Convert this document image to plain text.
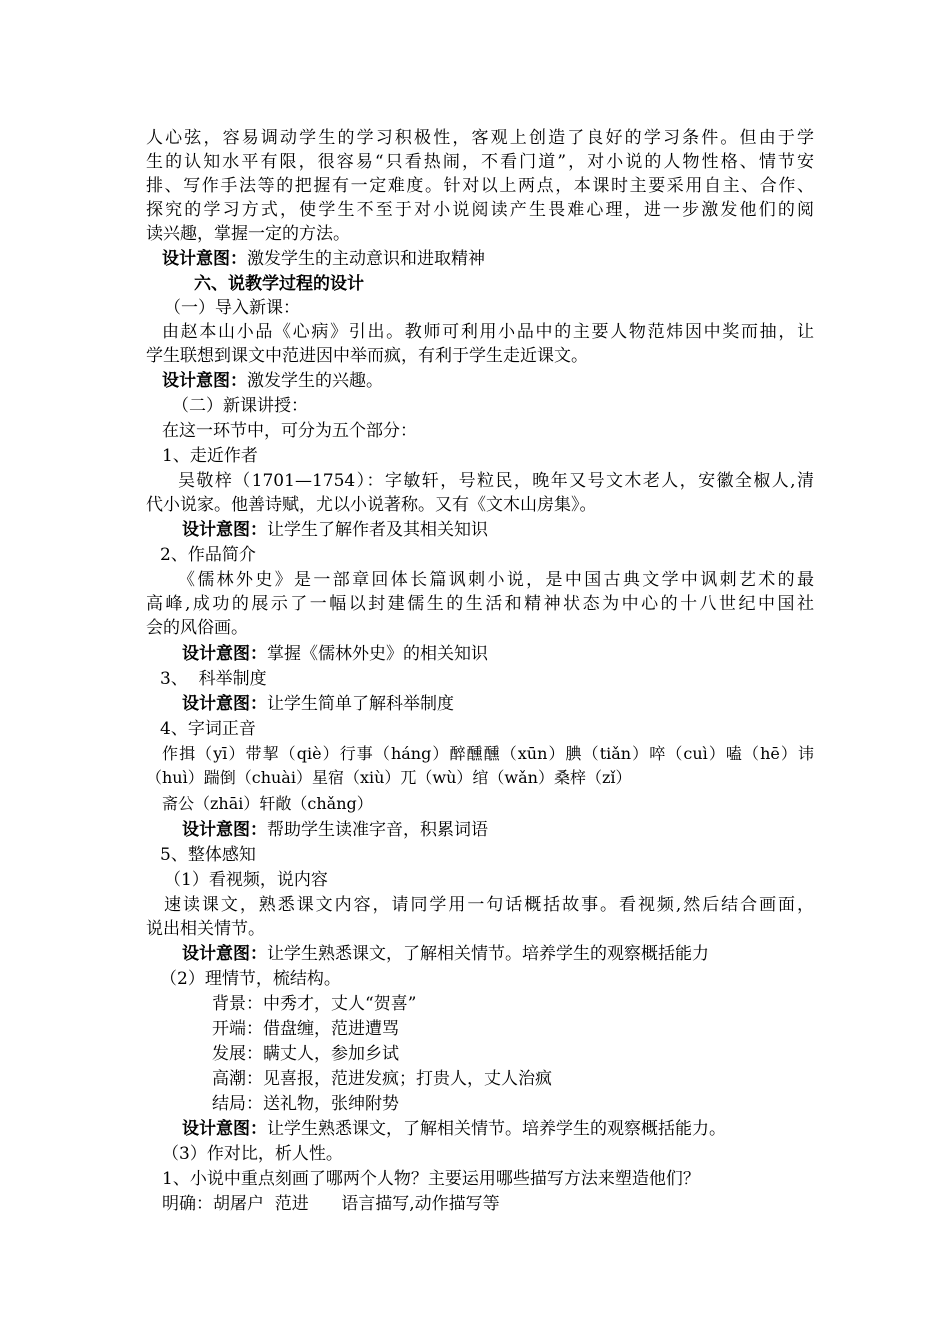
人心弦，容易调动学生的学习积极性，客观上创造了良好的学习条件。但由于学
生的认知水平有限，很容易“只看热闹，不看门道”，对小说的人物性格、情节安
排、写作手法等的把握有一定难度。针对以上两点，本课时主要采用自主、合作、
探究的学习方式，使学生不至于对小说阅读产生畏难心理，进一步激发他们的阅
读兴趣，掌握一定的方法。
设计意图：激发学生的主动意识和进取精神
六、说教学过程的设计
（一）导入新课：
由赵本山小品《心病》引出。教师可利用小品中的主要人物范炜因中奖而抽，让
学生联想到课文中范进因中举而疯，有利于学生走近课文。
设计意图：激发学生的兴趣。
（二）新课讲授：
在这一环节中，可分为五个部分：
1、走近作者
吴敬梓（1701—1754）：字敏轩，号粒民，晚年又号文木老人，安徽全椒人,清
代小说家。他善诗赋，尤以小说著称。又有《文木山房集》。
设计意图：让学生了解作者及其相关知识
2、作品简介
《儒林外史》是一部章回体长篇讽刺小说，是中国古典文学中讽刺艺术的最
高峰,成功的展示了一幅以封建儒生的生活和精神状态为中心的十八世纪中国社
会的风俗画。
设计意图：掌握《儒林外史》的相关知识
3、  科举制度
设计意图：让学生简单了解科举制度
4、字词正音
作揖（yī）带挈（qiè）行事（háng）醉醺醺（xūn）腆（tiǎn）啐（cuì）嗑（hē）讳
（huì）踹倒（chuài）星宿（xiù）兀（wù）绾（wǎn）桑梓（zǐ）
斋公（zhāi）轩敞（chǎng）
设计意图：帮助学生读准字音，积累词语
5、整体感知
（1）看视频，说内容
速读课文，熟悉课文内容，请同学用一句话概括故事。看视频,然后结合画面，
说出相关情节。
设计意图：让学生熟悉课文，了解相关情节。培养学生的观察概括能力
（2）理情节，梳结构。
背景：中秀才，丈人“贺喜”
开端：借盘缠，范进遭骂
发展：瞒丈人，参加乡试
高潮：见喜报，范进发疯；打贵人，丈人治疯
结局：送礼物，张绅附势
设计意图：让学生熟悉课文，了解相关情节。培养学生的观察概括能力。
（3）作对比，析人性。
1、小说中重点刻画了哪两个人物？主要运用哪些描写方法来塑造他们？
明确：胡屠户  范进      语言描写,动作描写等
